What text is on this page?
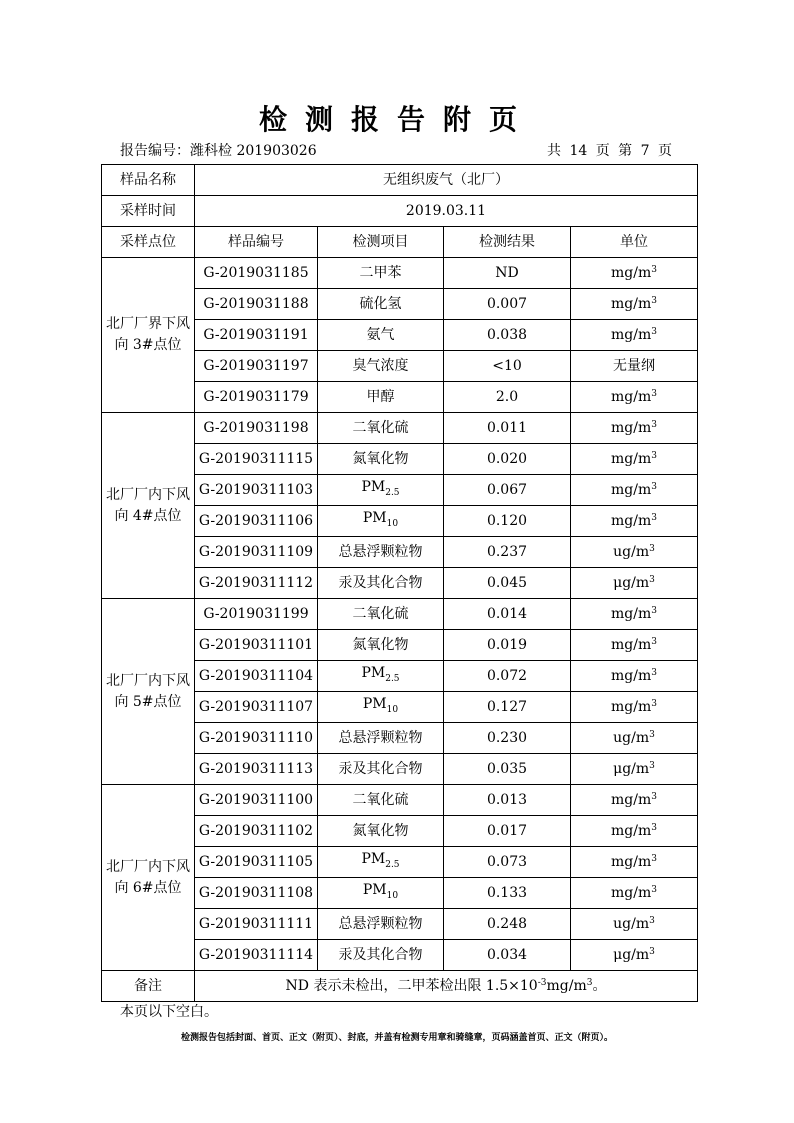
检测报告附页
报告编号：潍科检 201903026	共 14 页 第 7 页
样品名称	无组织废气（北厂）			
采样时间	2019.03.11			
采样点位	样品编号	检测项目	检测结果	单位
北厂厂界下风向 3#点位	G-2019031185	二甲苯	ND	$mg/m^3$
	G-2019031188	硫化氢	0.007	$mg/m^3$
	G-2019031191	氨气	0.038	$mg/m^3$
	G-2019031197	臭气浓度	<10	无量纲
	G-2019031179	甲醇	2.0	$mg/m^3$
北厂厂内下风向 4#点位	G-2019031198	二氧化硫	0.011	$mg/m^3$
	G-20190311115	氮氧化物	0.020	$mg/m^3$
	G-20190311103	$PM_{2.5}$	0.067	$mg/m^3$
	G-20190311106	$PM_{10}$	0.120	$mg/m^3$
	G-20190311109	总悬浮颗粒物	0.237	$ug/m^3$
	G-20190311112	汞及其化合物	0.045	$\mu g/m^3$
北厂厂内下风向 5#点位	G-2019031199	二氧化硫	0.014	$mg/m^3$
	G-20190311101	氮氧化物	0.019	$mg/m^3$
	G-20190311104	$PM_{2.5}$	0.072	$mg/m^3$
	G-20190311107	$PM_{10}$	0.127	$mg/m^3$
	G-20190311110	总悬浮颗粒物	0.230	$ug/m^3$
	G-20190311113	汞及其化合物	0.035	$\mu g/m^3$
北厂厂内下风向 6#点位	G-20190311100	二氧化硫	0.013	$mg/m^3$
	G-20190311102	氮氧化物	0.017	$mg/m^3$
	G-20190311105	$PM_{2.5}$	0.073	$mg/m^3$
	G-20190311108	$PM_{10}$	0.133	$mg/m^3$
	G-20190311111	总悬浮颗粒物	0.248	$ug/m^3$
	G-20190311114	汞及其化合物	0.034	$\mu g/m^3$
备注	ND 表示未检出，二甲苯检出限 $1.5\times 10^{-3}mg/m^3$。			
本页以下空白。
检测报告包括封面、首页、正文（附页）、封底，并盖有检测专用章和骑缝章，页码涵盖首页、正文（附页）。
